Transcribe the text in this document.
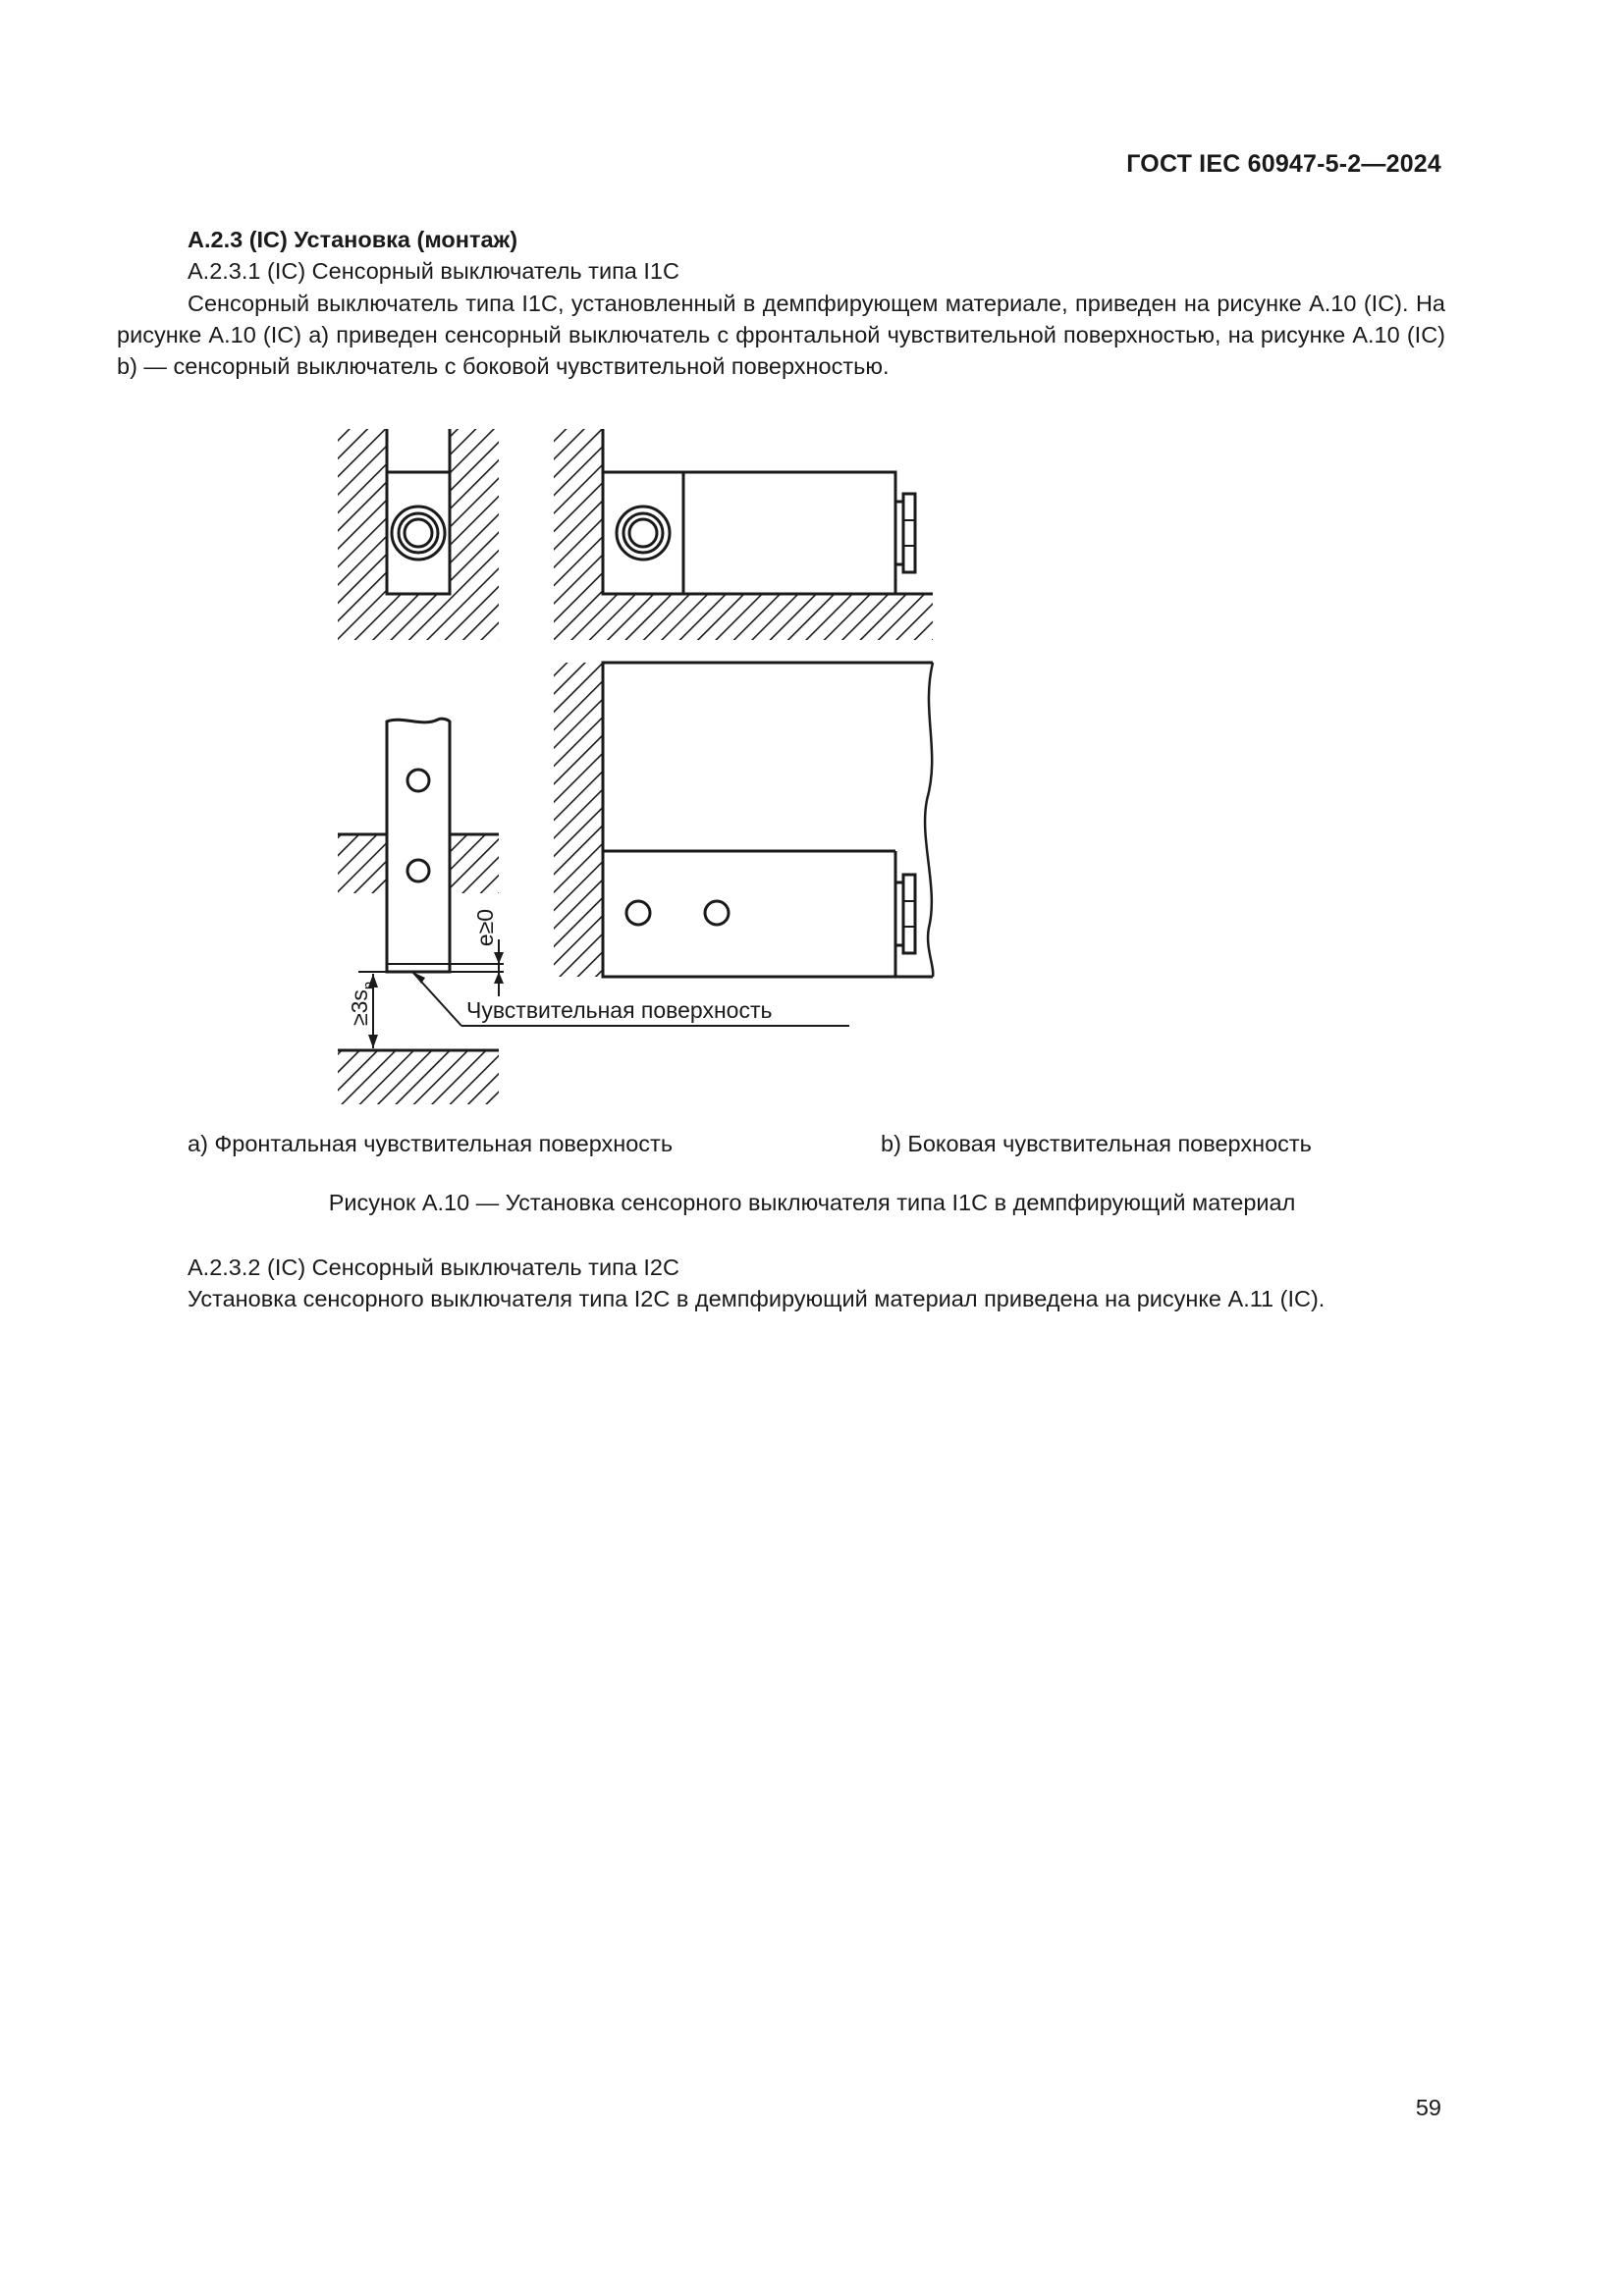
ГОСТ IEC 60947-5-2—2024
А.2.3 (IC) Установка (монтаж)
А.2.3.1 (IC) Сенсорный выключатель типа I1C
Сенсорный выключатель типа I1C, установленный в демпфирующем материале, приведен на рисунке А.10 (IC). На рисунке А.10 (IC) а) приведен сенсорный выключатель с фронтальной чувствительной поверхностью, на рисунке А.10 (IC) b) — сенсорный выключатель с боковой чувствительной поверхностью.
$\ge 3s_n$
e≥0
Чувствительная поверхность
а) Фронтальная чувствительная поверхность	b) Боковая чувствительная поверхность
Рисунок А.10 — Установка сенсорного выключателя типа I1C в демпфирующий материал
А.2.3.2 (IC) Сенсорный выключатель типа I2C
Установка сенсорного выключателя типа I2C в демпфирующий материал приведена на рисунке А.11 (IC).
59
